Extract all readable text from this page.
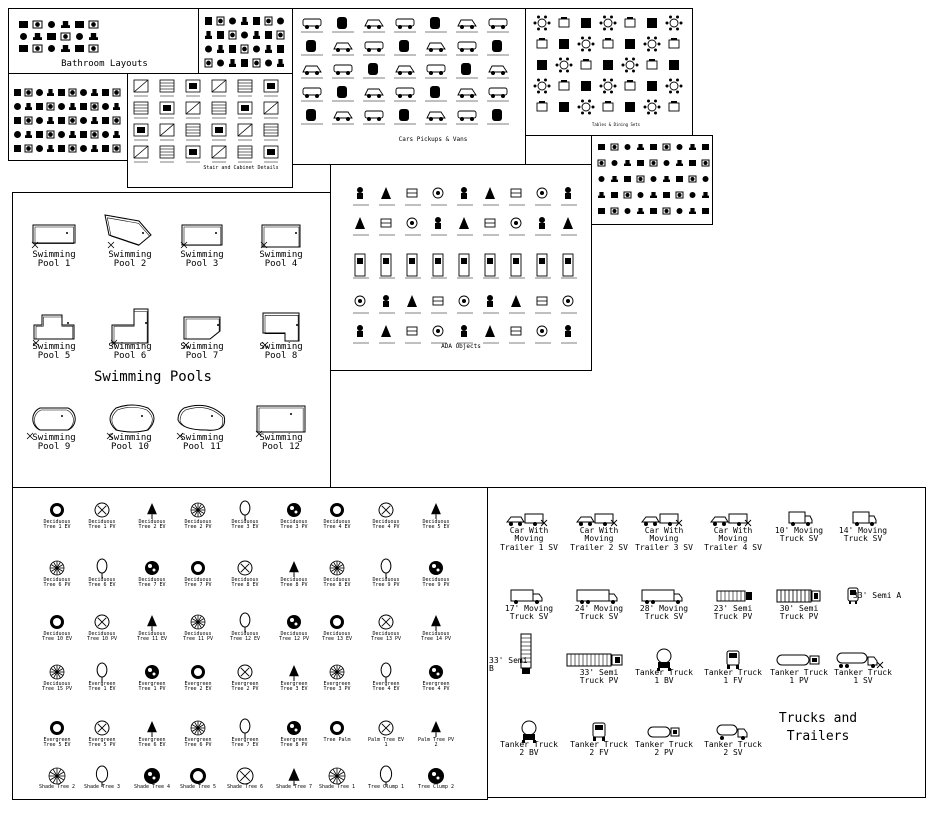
Bathroom Layouts
Stair and Cabinet Details
Cars Pickups & Vans
Tables & Dining Sets
ADA Objects
Swimming
Pool 1
Swimming
Pool 2
Swimming
Pool 3
Swimming
Pool 4
Swimming
Pool 5
Swimming
Pool 6
Swimming
Pool 7
Swimming
Pool 8
Swimming
Pool 9
Swimming
Pool 10
Swimming
Pool 11
Swimming
Pool 12
Swimming Pools
Deciduous
Tree 1 EV
Deciduous
Tree 1 PV
Deciduous
Tree 2 EV
Deciduous
Tree 2 PV
Deciduous
Tree 3 EV
Deciduous
Tree 3 PV
Deciduous
Tree 4 EV
Deciduous
Tree 4 PV
Deciduous
Tree 5 EV
Deciduous
Tree 6 PV
Deciduous
Tree 6 EV
Deciduous
Tree 7 EV
Deciduous
Tree 7 PV
Deciduous
Tree 8 EV
Deciduous
Tree 8 PV
Deciduous
Tree 8 EV
Deciduous
Tree 9 PV
Deciduous
Tree 9 PV
Deciduous
Tree 10 EV
Deciduous
Tree 10 PV
Deciduous
Tree 11 EV
Deciduous
Tree 11 PV
Deciduous
Tree 12 EV
Deciduous
Tree 12 PV
Deciduous
Tree 13 EV
Deciduous
Tree 13 PV
Deciduous
Tree 14 PV
Deciduous
Tree 15 PV
Evergreen
Tree 1 EV
Evergreen
Tree 1 PV
Evergreen
Tree 2 EV
Evergreen
Tree 2 PV
Evergreen
Tree 3 EV
Evergreen
Tree 3 PV
Evergreen
Tree 4 EV
Evergreen
Tree 4 PV
Evergreen
Tree 5 EV
Evergreen
Tree 5 PV
Evergreen
Tree 6 EV
Evergreen
Tree 6 PV
Evergreen
Tree 7 EV
Evergreen
Tree 8 PV
Tree Palm	Palm Tree EV
1
Palm Tree PV
2
Shade Tree 2	Shade Tree 3	Shade Tree 4	Shade Tree 5	Shade Tree 6	Shade Tree 7	Shade Tree 1	Tree Clump 1	Tree Clump 2
Car With
Moving
Trailer 1 SV
Car With
Moving
Trailer 2 SV
Car With
Moving
Trailer 3 SV
Car With
Moving
Trailer 4 SV
10' Moving
Truck SV
14' Moving
Truck SV
17' Moving
Truck SV
24' Moving
Truck SV
28' Moving
Truck SV
23' Semi
Truck PV
30' Semi
Truck PV
33' Semi A
33' Semi B	33' Semi
Truck PV
Tanker Truck
1 BV
Tanker Truck
1 FV
Tanker Truck
1 PV
Tanker Truck
1 SV
Tanker Truck
2 BV
Tanker Truck
2 FV
Tanker Truck
2 PV
Tanker Truck
2 SV
Trucks and
Trailers
